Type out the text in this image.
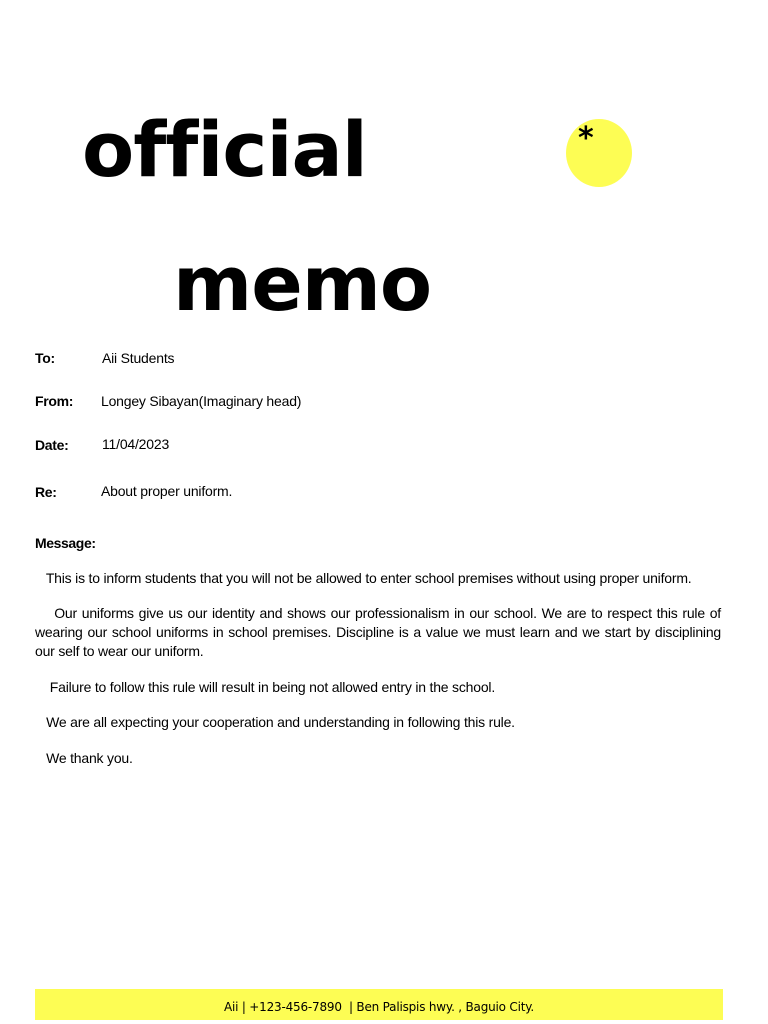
official
memo
*
To:	Aii Students
From: Longey Sibayan(Imaginary head)
Date: 11/04/2023
Re:	About proper uniform.
Message:

This is to inform students that you will not be allowed to enter school premises without using proper uniform.

Our uniforms give us our identity and shows our professionalism in our school. We are to respect this rule of wearing our school uniforms in school premises. Discipline is a value we must learn and we start by disciplining our self to wear our uniform.

Failure to follow this rule will result in being not allowed entry in the school.

We are all expecting your cooperation and understanding in following this rule.

We thank you.

Aii | +123-456-7890  | Ben Palispis hwy. , Baguio City.
